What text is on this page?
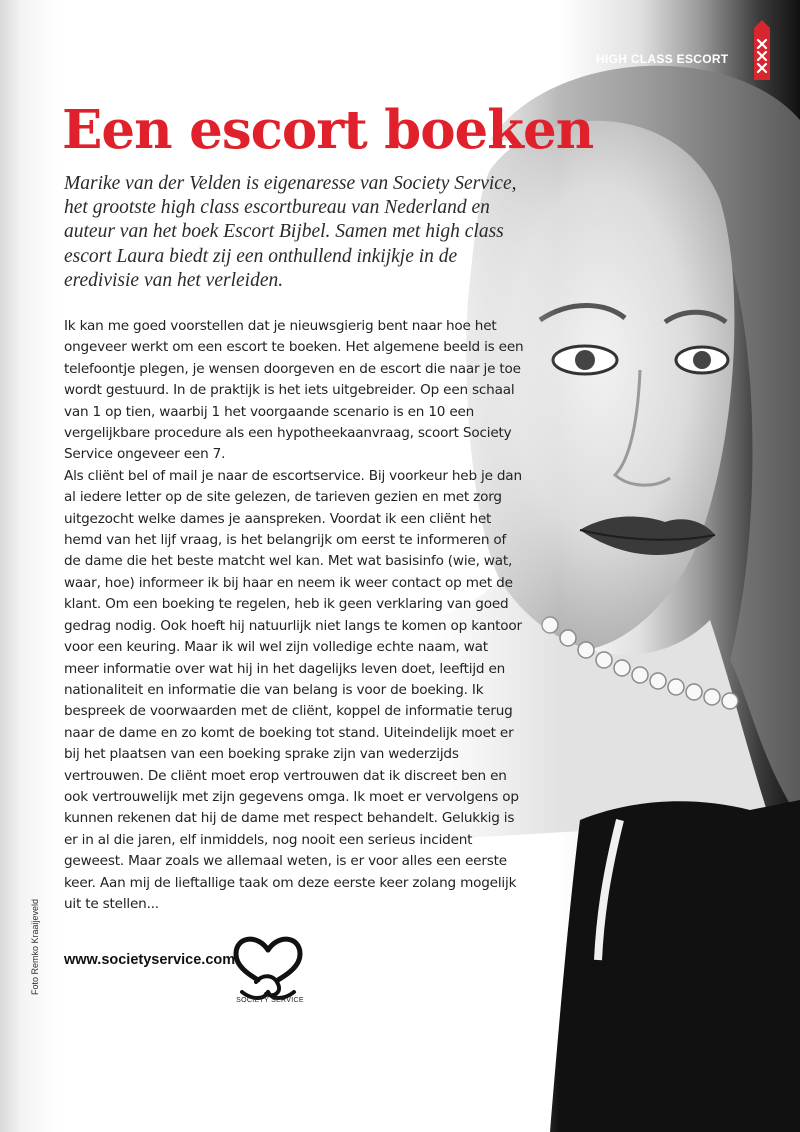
HIGH CLASS ESCORT
Een escort boeken

Marike van der Velden is eigenaresse van Society Service, het grootste high class escortbureau van Nederland en auteur van het boek Escort Bijbel. Samen met high class escort Laura biedt zij een onthullend inkijkje in de eredivisie van het verleiden.

Ik kan me goed voorstellen dat je nieuwsgierig bent naar hoe het ongeveer werkt om een escort te boeken. Het algemene beeld is een telefoontje plegen, je wensen doorgeven en de escort die naar je toe wordt gestuurd. In de praktijk is het iets uitgebreider. Op een schaal van 1 op tien, waarbij 1 het voorgaande scenario is en 10 een vergelijkbare procedure als een hypotheekaanvraag, scoort Society Service ongeveer een 7.

Als cliënt bel of mail je naar de escortservice. Bij voorkeur heb je dan al iedere letter op de site gelezen, de tarieven gezien en met zorg uitgezocht welke dames je aanspreken. Voordat ik een cliënt het hemd van het lijf vraag, is het belangrijk om eerst te informeren of de dame die het beste matcht wel kan. Met wat basisinfo (wie, wat, waar, hoe) informeer ik bij haar en neem ik weer contact op met de klant. Om een boeking te regelen, heb ik geen verklaring van goed gedrag nodig. Ook hoeft hij natuurlijk niet langs te komen op kantoor voor een keuring. Maar ik wil wel zijn volledige echte naam, wat meer informatie over wat hij in het dagelijks leven doet, leeftijd en nationaliteit en informatie die van belang is voor de boeking. Ik bespreek de voorwaarden met de cliënt, koppel de informatie terug naar de dame en zo komt de boeking tot stand. Uiteindelijk moet er bij het plaatsen van een boeking sprake zijn van wederzijds vertrouwen. De cliënt moet erop vertrouwen dat ik discreet ben en ook vertrouwelijk met zijn gegevens omga. Ik moet er vervolgens op kunnen rekenen dat hij de dame met respect behandelt. Gelukkig is er in al die jaren, elf inmiddels, nog nooit een serieus incident geweest. Maar zoals we allemaal weten, is er voor alles een eerste keer. Aan mij de lieftallige taak om deze eerste keer zolang mogelijk uit te stellen...

Foto Remko Kraaijeveld www.societyservice.com
SOCIETY SERVICE
